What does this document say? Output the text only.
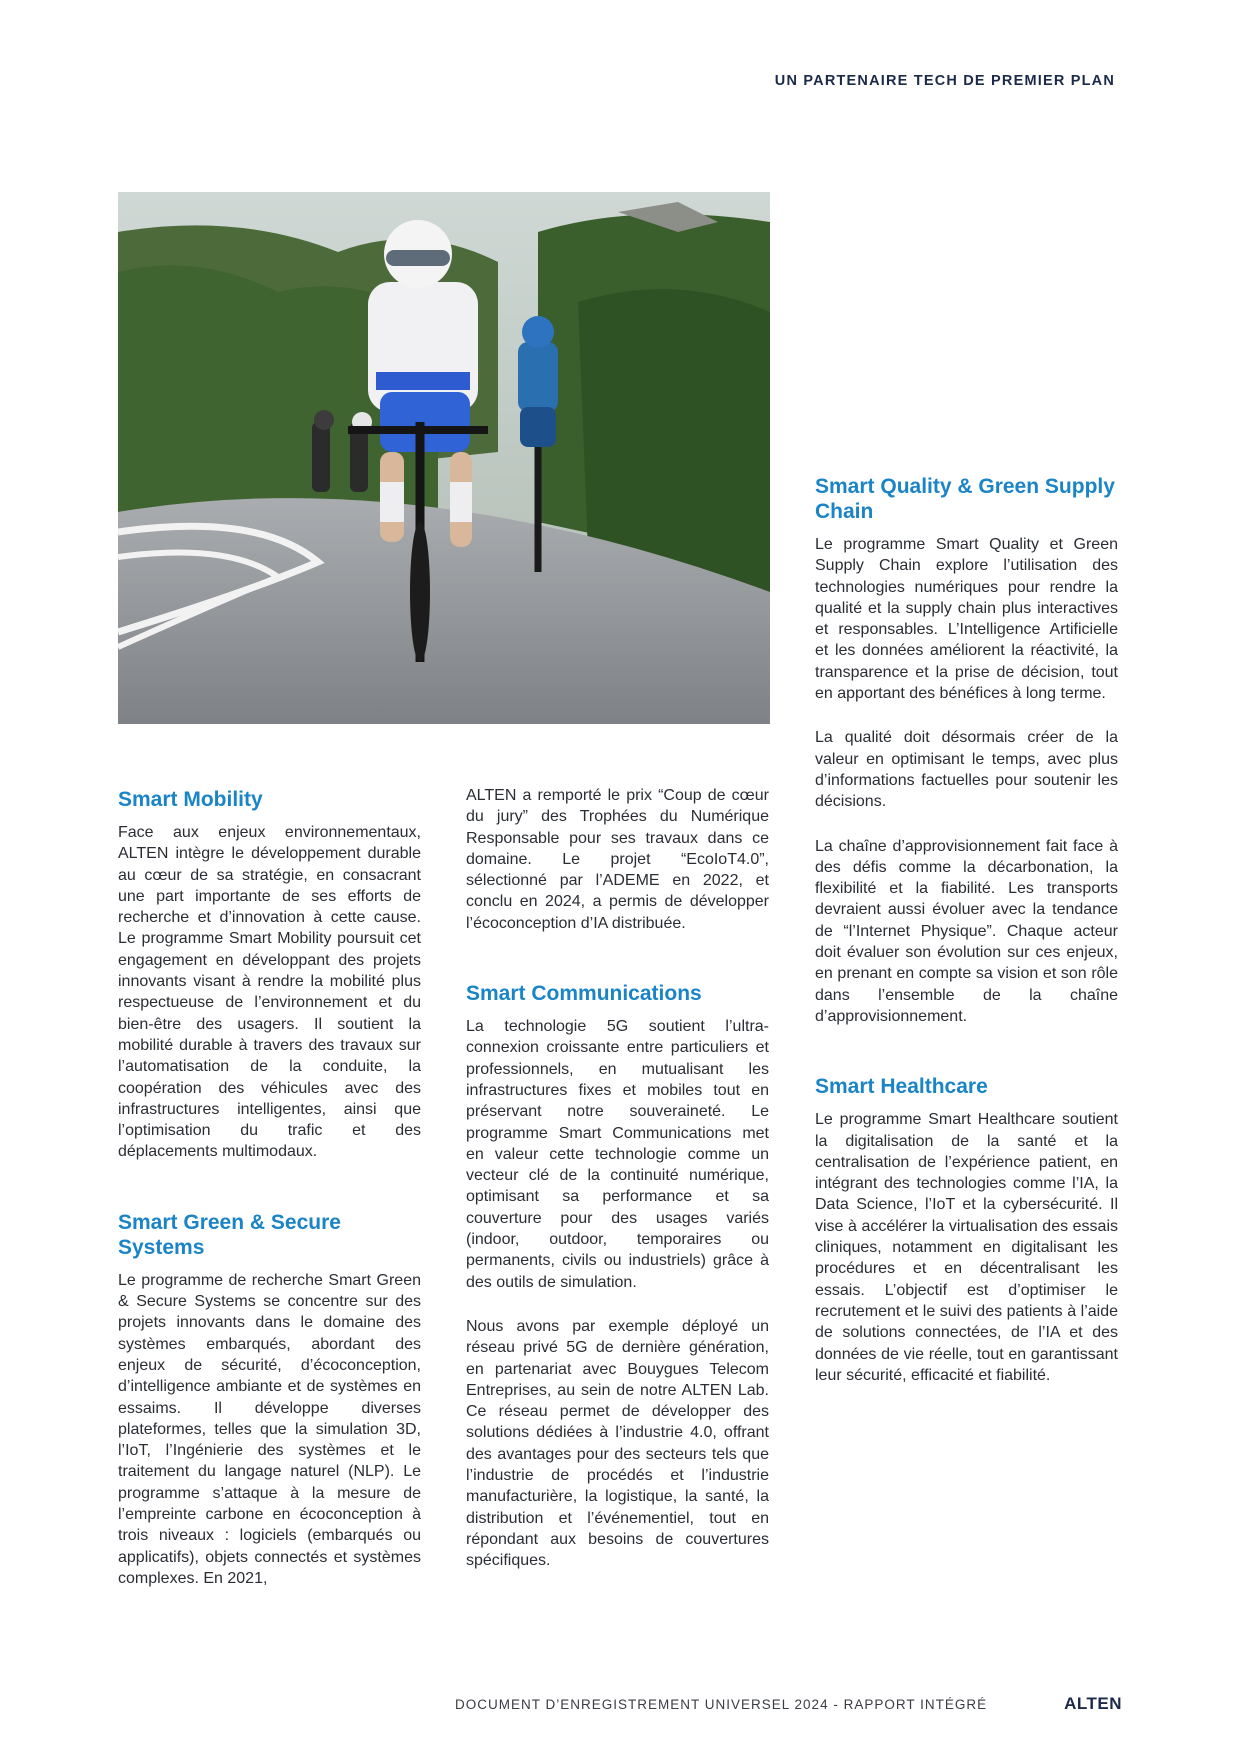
UN PARTENAIRE TECH DE PREMIER PLAN
Smart Mobility

Face aux enjeux environnementaux, ALTEN intègre le développement durable au cœur de sa stratégie, en consacrant une part importante de ses efforts de recherche et d’innovation à cette cause. Le programme Smart Mobility poursuit cet engagement en développant des projets innovants visant à rendre la mobilité plus respectueuse de l’environnement et du bien-être des usagers. Il soutient la mobilité durable à travers des travaux sur l’automatisation de la conduite, la coopération des véhicules avec des infrastructures intelligentes, ainsi que l’optimisation du trafic et des déplacements multimodaux.

Smart Green & Secure Systems

Le programme de recherche Smart Green & Secure Systems se concentre sur des projets innovants dans le domaine des systèmes embarqués, abordant des enjeux de sécurité, d’écoconception, d’intelligence ambiante et de systèmes en essaims. Il développe diverses plateformes, telles que la simulation 3D, l’IoT, l’Ingénierie des systèmes et le traitement du langage naturel (NLP). Le programme s’attaque à la mesure de l’empreinte carbone en écoconception à trois niveaux : logiciels (embarqués ou applicatifs), objets connectés et systèmes complexes. En 2021,

ALTEN a remporté le prix “Coup de cœur du jury” des Trophées du Numérique Responsable pour ses travaux dans ce domaine. Le projet “EcoIoT4.0”, sélectionné par l’ADEME en 2022, et conclu en 2024, a permis de développer l’écoconception d’IA distribuée.

Smart Communications

La technologie 5G soutient l’ultra-connexion croissante entre particuliers et professionnels, en mutualisant les infrastructures fixes et mobiles tout en préservant notre souveraineté. Le programme Smart Communications met en valeur cette technologie comme un vecteur clé de la continuité numérique, optimisant sa performance et sa couverture pour des usages variés (indoor, outdoor, temporaires ou permanents, civils ou industriels) grâce à des outils de simulation.

Nous avons par exemple déployé un réseau privé 5G de dernière génération, en partenariat avec Bouygues Telecom Entreprises, au sein de notre ALTEN Lab. Ce réseau permet de développer des solutions dédiées à l’industrie 4.0, offrant des avantages pour des secteurs tels que l’industrie de procédés et l’industrie manufacturière, la logistique, la santé, la distribution et l’événementiel, tout en répondant aux besoins de couvertures spécifiques.

Smart Quality & Green Supply Chain

Le programme Smart Quality et Green Supply Chain explore l’utilisation des technologies numériques pour rendre la qualité et la supply chain plus interactives et responsables. L’Intelligence Artificielle et les données améliorent la réactivité, la transparence et la prise de décision, tout en apportant des bénéfices à long terme.

La qualité doit désormais créer de la valeur en optimisant le temps, avec plus d’informations factuelles pour soutenir les décisions.

La chaîne d’approvisionnement fait face à des défis comme la décarbonation, la flexibilité et la fiabilité. Les transports devraient aussi évoluer avec la tendance de “l’Internet Physique”. Chaque acteur doit évaluer son évolution sur ces enjeux, en prenant en compte sa vision et son rôle dans l’ensemble de la chaîne d’approvisionnement.

Smart Healthcare

Le programme Smart Healthcare soutient la digitalisation de la santé et la centralisation de l’expérience patient, en intégrant des technologies comme l’IA, la Data Science, l’IoT et la cybersécurité. Il vise à accélérer la virtualisation des essais cliniques, notamment en digitalisant les procédures et en décentralisant les essais. L’objectif est d’optimiser le recrutement et le suivi des patients à l’aide de solutions connectées, de l’IA et des données de vie réelle, tout en garantissant leur sécurité, efficacité et fiabilité.

DOCUMENT D’ENREGISTREMENT UNIVERSEL 2024 - RAPPORT INTÉGRÉ	ALTEN
